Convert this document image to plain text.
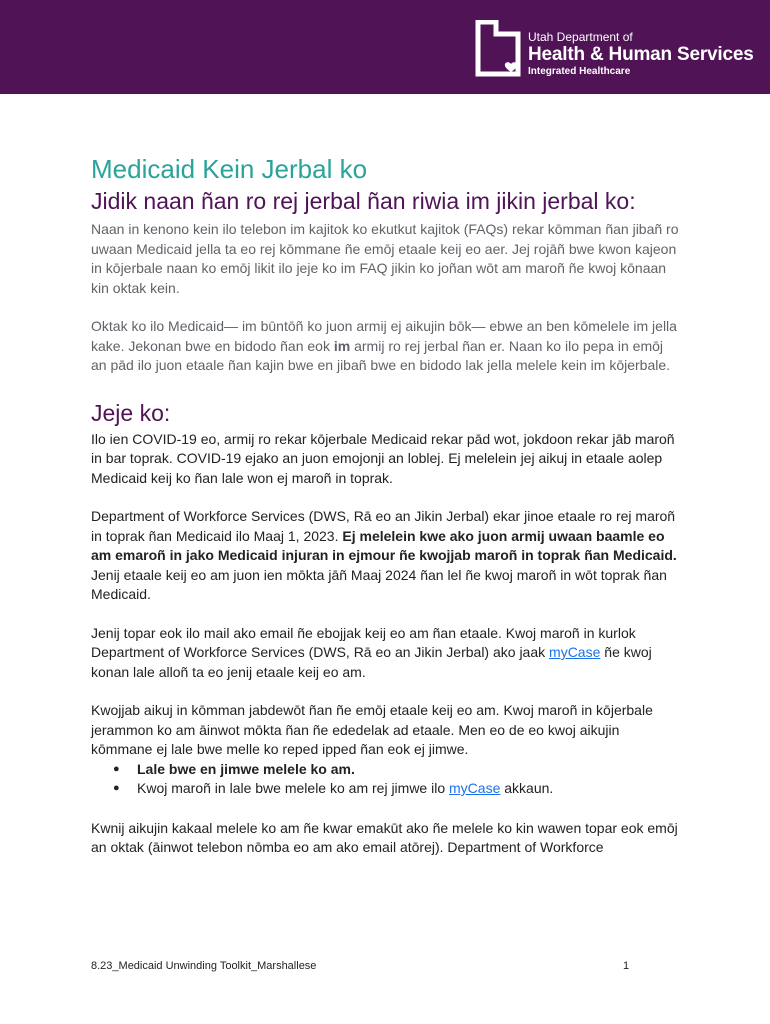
Utah Department of
Health & Human Services
Integrated Healthcare
Medicaid Kein Jerbal ko
Jidik naan ñan ro rej jerbal ñan riwia im jikin jerbal ko:

Naan in kenono kein ilo telebon im kajitok ko ekutkut kajitok (FAQs) rekar kōmman ñan jibañ ro uwaan Medicaid jella ta eo rej kōmmane ñe emōj etaale keij eo aer. Jej rojāñ bwe kwon kajeon in kōjerbale naan ko emōj likit ilo jeje ko im FAQ jikin ko joñan wōt am maroñ ñe kwoj kōnaan kin oktak kein.

Oktak ko ilo Medicaid— im būntōñ ko juon armij ej aikujin bōk— ebwe an ben kōmelele im jella kake. Jekonan bwe en bidodo ñan eok im armij ro rej jerbal ñan er. Naan ko ilo pepa in emōj an pād ilo juon etaale ñan kajin bwe en jibañ bwe en bidodo lak jella melele kein im kōjerbale.

Jeje ko:

Ilo ien COVID-19 eo, armij ro rekar kōjerbale Medicaid rekar pād wot, jokdoon rekar jāb maroñ in bar toprak. COVID-19 ejako an juon emojonji an loblej. Ej melelein jej aikuj in etaale aolep Medicaid keij ko ñan lale won ej maroñ in toprak.

Department of Workforce Services (DWS, Rā eo an Jikin Jerbal) ekar jinoe etaale ro rej maroñ in toprak ñan Medicaid ilo Maaj 1, 2023. Ej melelein kwe ako juon armij uwaan baamle eo am emaroñ in jako Medicaid injuran in ejmour ñe kwojjab maroñ in toprak ñan Medicaid. Jenij etaale keij eo am juon ien mōkta jāñ Maaj 2024 ñan lel ñe kwoj maroñ in wōt toprak ñan Medicaid.

Jenij topar eok ilo mail ako email ñe ebojjak keij eo am ñan etaale. Kwoj maroñ in kurlok Department of Workforce Services (DWS, Rā eo an Jikin Jerbal) ako jaak myCase ñe kwoj konan lale alloñ ta eo jenij etaale keij eo am.

Kwojjab aikuj in kōmman jabdewōt ñan ñe emōj etaale keij eo am. Kwoj maroñ in kōjerbale jerammon ko am āinwot mōkta ñan ñe ededelak ad etaale. Men eo de eo kwoj aikujin kōmmane ej lale bwe melle ko reped ipped ñan eok ej jimwe.

● Lale bwe en jimwe melele ko am.
● Kwoj maroñ in lale bwe melele ko am rej jimwe ilo myCase akkaun.

Kwnij aikujin kakaal melele ko am ñe kwar emakūt ako ñe melele ko kin wawen topar eok emōj an oktak (āinwot telebon nōmba eo am ako email atōrej). Department of Workforce

8.23_Medicaid Unwinding Toolkit_Marshallese	1
